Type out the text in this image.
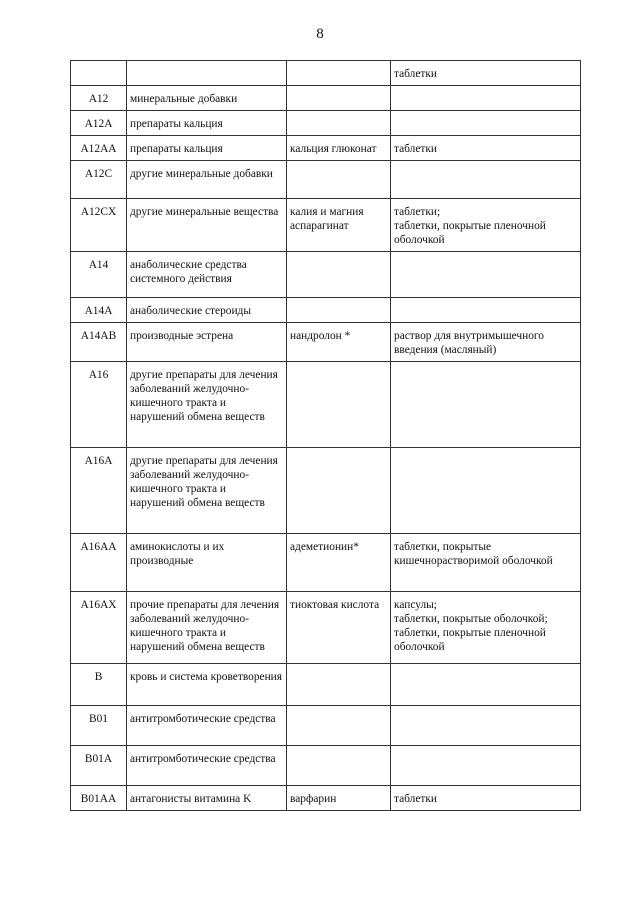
8
			таблетки
A12	минеральные добавки		
A12A	препараты кальция		
A12AA	препараты кальция	кальция глюконат	таблетки
A12C	другие минеральные добавки		
A12CX	другие минеральные вещества	калия и магния аспарагинат	таблетки;
таблетки, покрытые пленочной оболочкой
A14	анаболические средства системного действия		
A14A	анаболические стероиды		
A14AB	производные эстрена	нандролон *	раствор для внутримышечного введения (масляный)
A16	другие препараты для лечения заболеваний желудочно-кишечного тракта и нарушений обмена веществ		
A16A	другие препараты для лечения заболеваний желудочно-кишечного тракта и нарушений обмена веществ		
A16AA	аминокислоты и их производные	адеметионин*	таблетки, покрытые кишечнорастворимой оболочкой
A16AX	прочие препараты для лечения заболеваний желудочно-кишечного тракта и нарушений обмена веществ	тиоктовая кислота	капсулы;
таблетки, покрытые оболочкой;
таблетки, покрытые пленочной оболочкой
B	кровь и система кроветворения		
B01	антитромботические средства		
B01A	антитромботические средства		
B01AA	антагонисты витамина K	варфарин	таблетки
